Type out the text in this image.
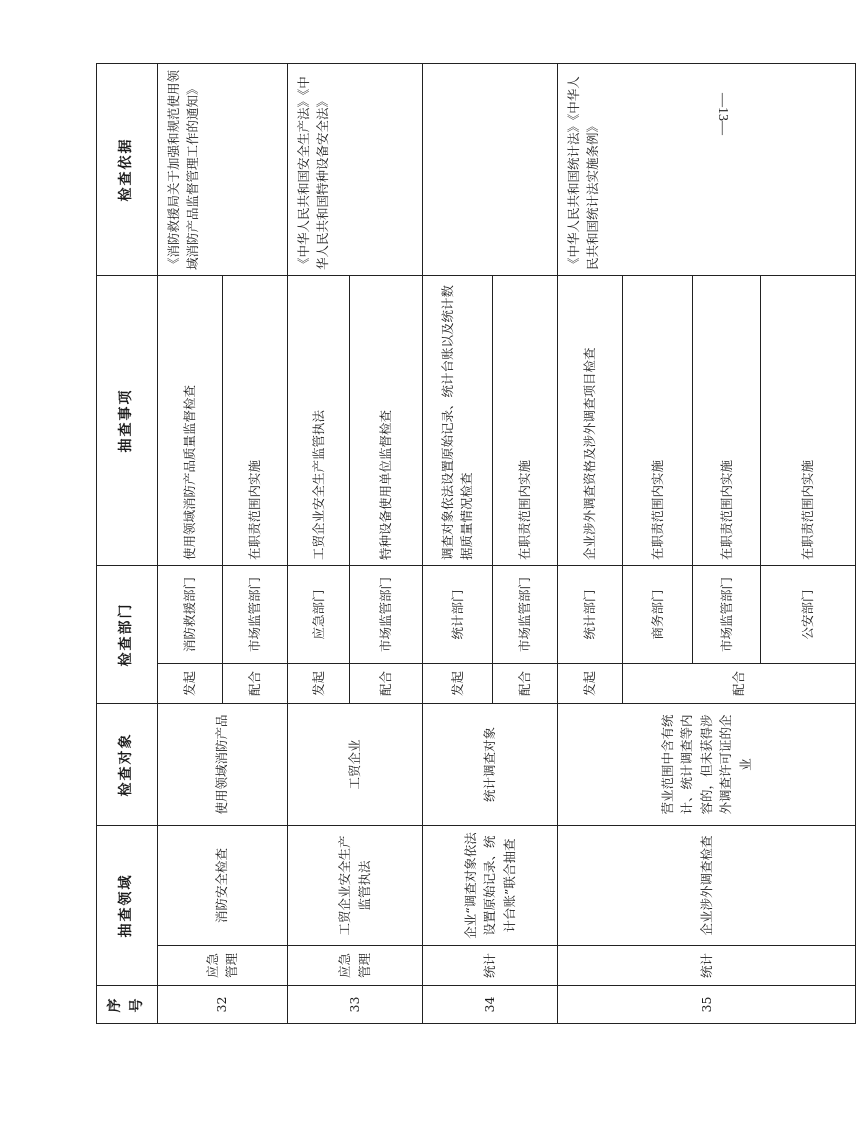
序号	抽查领域		检查对象	检查部门		抽查事项	检查依据
32	应急管理	消防安全检查	使用领域消防产品	发起	消防救援部门	使用领域消防产品质量监督检查	《消防救援局关于加强和规范使用领域消防产品监督管理工作的通知》
				配合	市场监管部门	在职责范围内实施	
33	应急管理	工贸企业安全生产监管执法	工贸企业	发起	应急部门	工贸企业安全生产监管执法	《中华人民共和国安全生产法》《中华人民共和国特种设备安全法》
				配合	市场监管部门	特种设备使用单位监督检查	
34	统计	企业“调查对象依法设置原始记录、统计台账”联合抽查	统计调查对象	发起	统计部门	调查对象依法设置原始记录、统计台账以及统计数据质量情况检查	
				配合	市场监管部门	在职责范围内实施	
35	统计	企业涉外调查检查	营业范围中含有统计、统计调查等内容的，但未获得涉外调查许可证的企业	发起	统计部门	企业涉外调查资格及涉外调查项目检查	《中华人民共和国统计法》《中华人民共和国统计法实施条例》
				配合	商务部门	在职责范围内实施	
					市场监管部门	在职责范围内实施	
					公安部门	在职责范围内实施	
—13—
